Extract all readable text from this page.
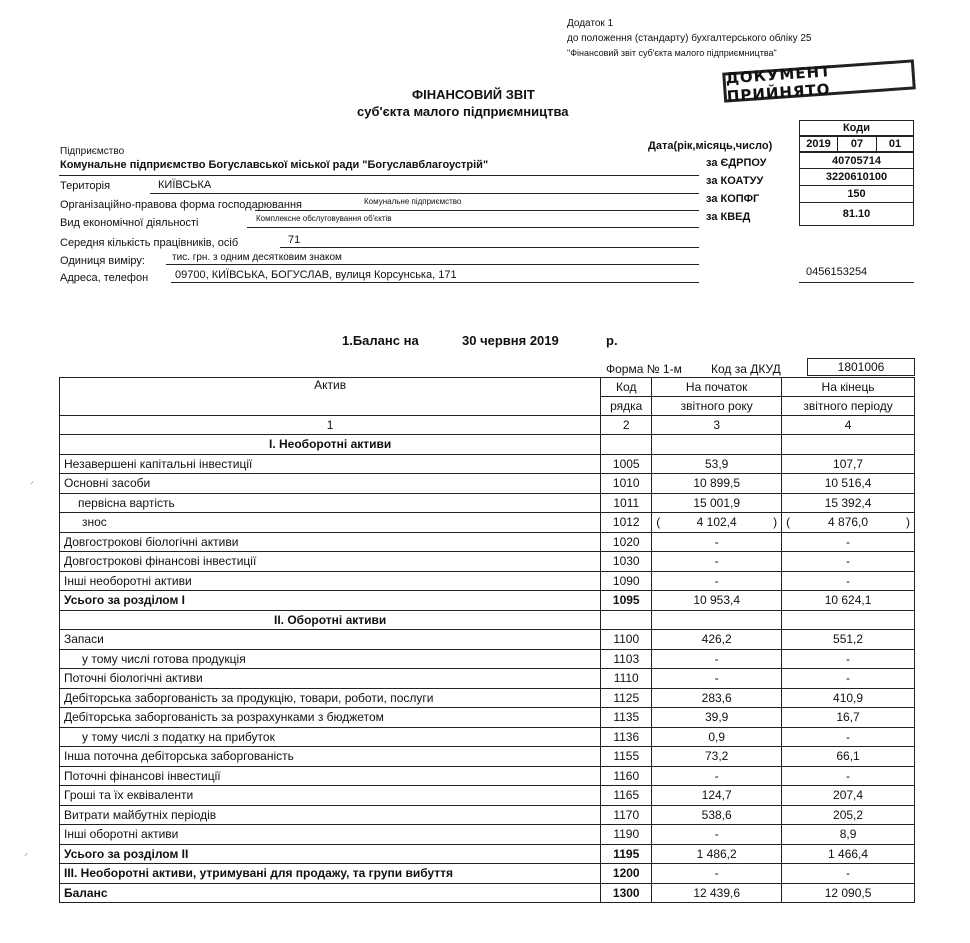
Додаток 1
до положення (стандарту) бухгалтерського обліку 25
"Фінансовий звіт суб'єкта малого підприємництва"
ДОКУМЕНТ ПРИЙНЯТО
ФІНАНСОВИЙ ЗВІТ
суб'єкта малого підприємництва
Коди
Дата(рік,місяць,число)	2019	07	01
за ЄДРПОУ	40705714
за КОАТУУ	3220610100
за КОПФГ	150
за КВЕД	81.10
Підприємство
Комунальне підприємство Богуславської міської ради "Богуславблагоустрій"
Територія	КИЇВСЬКА
Організаційно-правова форма господарювання	Комунальне підприємство
Вид економічної діяльності	Комплексне обслуговування об'єктів
Середня кількість працівників, осіб	71
Одиниця виміру:	тис. грн. з одним десятковим знаком
Адреса, телефон 09700, КИЇВСЬКА, БОГУСЛАВ, вулиця Корсунська, 171	0456153254
1.Баланс на	30 червня 2019	р.
Форма № 1-м Код за ДКУД	1801006
Актив	Код	На початок	На кінець
	рядка	звітного року	звітного періоду
1	2	3	4
I. Необоротні активи			
Незавершені капітальні інвестиції	1005	53,9	107,7
Основні засоби	1010	10 899,5	10 516,4
первісна вартість	1011	15 001,9	15 392,4
знос	1012	( 4 102,4 )	( 4 876,0 )

Довгострокові біологічні активи	1020	-	-
Довгострокові фінансові інвестиції	1030	-	-
Інші необоротні активи	1090	-	-
Усього за розділом I	1095	10 953,4	10 624,1
II. Оборотні активи			
Запаси	1100	426,2	551,2
у тому числі готова продукція	1103	-	-
Поточні біологічні активи	1110	-	-
Дебіторська заборгованість за продукцію, товари, роботи, послуги	1125	283,6	410,9
Дебіторська заборгованість за розрахунками з бюджетом	1135	39,9	16,7
у тому числі з податку на прибуток	1136	0,9	-
Інша поточна дебіторська заборгованість	1155	73,2	66,1
Поточні фінансові інвестиції	1160	-	-
Гроші та їх еквіваленти	1165	124,7	207,4
Витрати майбутніх періодів	1170	538,6	205,2
Інші оборотні активи	1190	-	8,9
Усього за розділом II	1195	1 486,2	1 466,4
III. Необоротні активи, утримувані для продажу, та групи вибуття	1200	-	-
Баланс	1300	12 439,6	12 090,5
ᐟ
ᐟ
